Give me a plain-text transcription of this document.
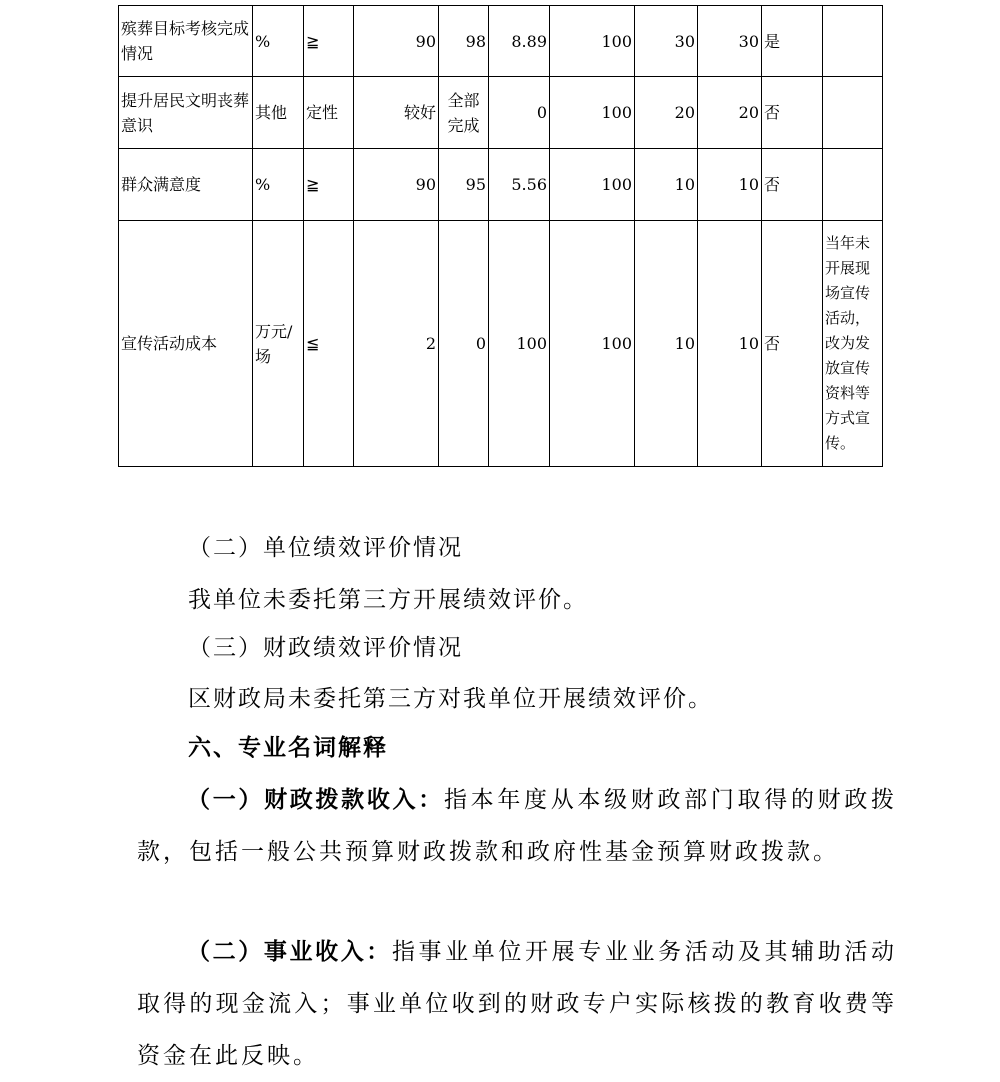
殡葬目标考核完成情况	%	≧	90	98	8.89	100	30	30	是	
提升居民文明丧葬意识	其他	定性	较好	全部完成	0	100	20	20	否	
群众满意度	%	≧	90	95	5.56	100	10	10	否	
宣传活动成本	万元/场	≦	2	0	100	100	10	10	否	当年未开展现场宣传活动，改为发放宣传资料等方式宣传。
（二）单位绩效评价情况
我单位未委托第三方开展绩效评价。
（三）财政绩效评价情况
区财政局未委托第三方对我单位开展绩效评价。
六、专业名词解释
（一）财政拨款收入：指本年度从本级财政部门取得的财政拨款，包括一般公共预算财政拨款和政府性基金预算财政拨款。
（二）事业收入：指事业单位开展专业业务活动及其辅助活动取得的现金流入；事业单位收到的财政专户实际核拨的教育收费等资金在此反映。
